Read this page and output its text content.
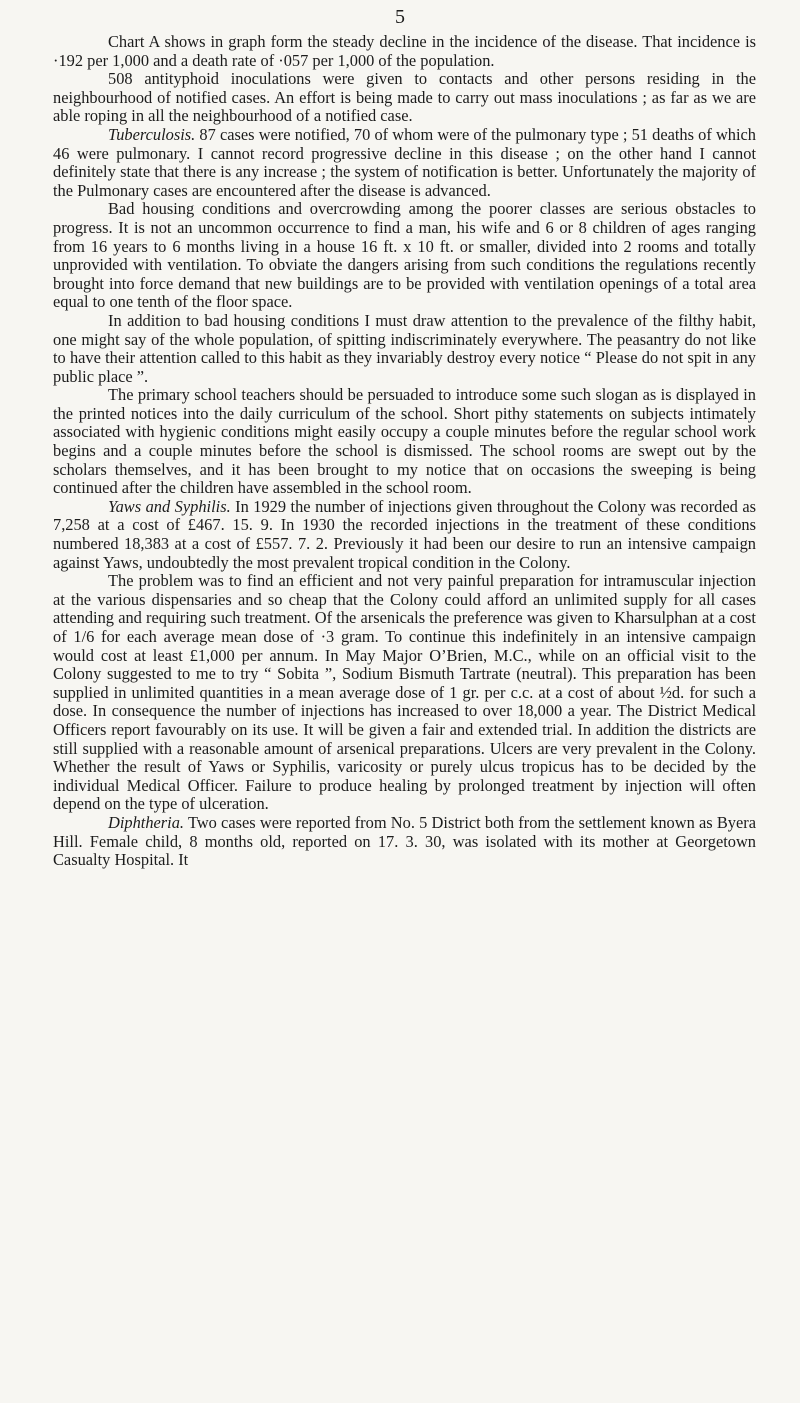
5

Chart A shows in graph form the steady decline in the incidence of the disease. That incidence is ·192 per 1,000 and a death rate of ·057 per 1,000 of the population.

508 antityphoid inoculations were given to contacts and other persons residing in the neighbourhood of notified cases. An effort is being made to carry out mass inoculations ; as far as we are able roping in all the neighbourhood of a notified case.

Tuberculosis. 87 cases were notified, 70 of whom were of the pulmonary type ; 51 deaths of which 46 were pulmonary. I cannot record progressive decline in this disease ; on the other hand I cannot definitely state that there is any increase ; the system of notification is better. Unfortunately the majority of the Pulmonary cases are encountered after the disease is advanced.

Bad housing conditions and overcrowding among the poorer classes are serious obstacles to progress. It is not an uncommon occurrence to find a man, his wife and 6 or 8 children of ages ranging from 16 years to 6 months living in a house 16 ft. x 10 ft. or smaller, divided into 2 rooms and totally unprovided with ventilation. To obviate the dangers arising from such conditions the regulations recently brought into force demand that new buildings are to be provided with ventilation openings of a total area equal to one tenth of the floor space.

In addition to bad housing conditions I must draw attention to the prevalence of the filthy habit, one might say of the whole population, of spitting indiscriminately everywhere. The peasantry do not like to have their attention called to this habit as they invariably destroy every notice “ Please do not spit in any public place ”.

The primary school teachers should be persuaded to introduce some such slogan as is displayed in the printed notices into the daily curriculum of the school. Short pithy statements on subjects intimately associated with hygienic conditions might easily occupy a couple minutes before the regular school work begins and a couple minutes before the school is dismissed. The school rooms are swept out by the scholars themselves, and it has been brought to my notice that on occasions the sweeping is being continued after the children have assembled in the school room.

Yaws and Syphilis. In 1929 the number of injections given throughout the Colony was recorded as 7,258 at a cost of £467. 15. 9. In 1930 the recorded injections in the treatment of these conditions numbered 18,383 at a cost of £557. 7. 2. Previously it had been our desire to run an intensive campaign against Yaws, undoubtedly the most prevalent tropical condition in the Colony.

The problem was to find an efficient and not very painful preparation for intramuscular injection at the various dispensaries and so cheap that the Colony could afford an unlimited supply for all cases attending and requiring such treatment. Of the arsenicals the preference was given to Kharsulphan at a cost of 1/6 for each average mean dose of ·3 gram. To continue this indefinitely in an intensive campaign would cost at least £1,000 per annum. In May Major O’Brien, M.C., while on an official visit to the Colony suggested to me to try “ Sobita ”, Sodium Bismuth Tartrate (neutral). This preparation has been supplied in unlimited quantities in a mean average dose of 1 gr. per c.c. at a cost of about ½d. for such a dose. In consequence the number of injections has increased to over 18,000 a year. The District Medical Officers report favourably on its use. It will be given a fair and extended trial. In addition the districts are still supplied with a reasonable amount of arsenical preparations. Ulcers are very prevalent in the Colony. Whether the result of Yaws or Syphilis, varicosity or purely ulcus tropicus has to be decided by the individual Medical Officer. Failure to produce healing by prolonged treatment by injection will often depend on the type of ulceration.

Diphtheria. Two cases were reported from No. 5 District both from the settlement known as Byera Hill. Female child, 8 months old, reported on 17. 3. 30, was isolated with its mother at Georgetown Casualty Hospital. It
